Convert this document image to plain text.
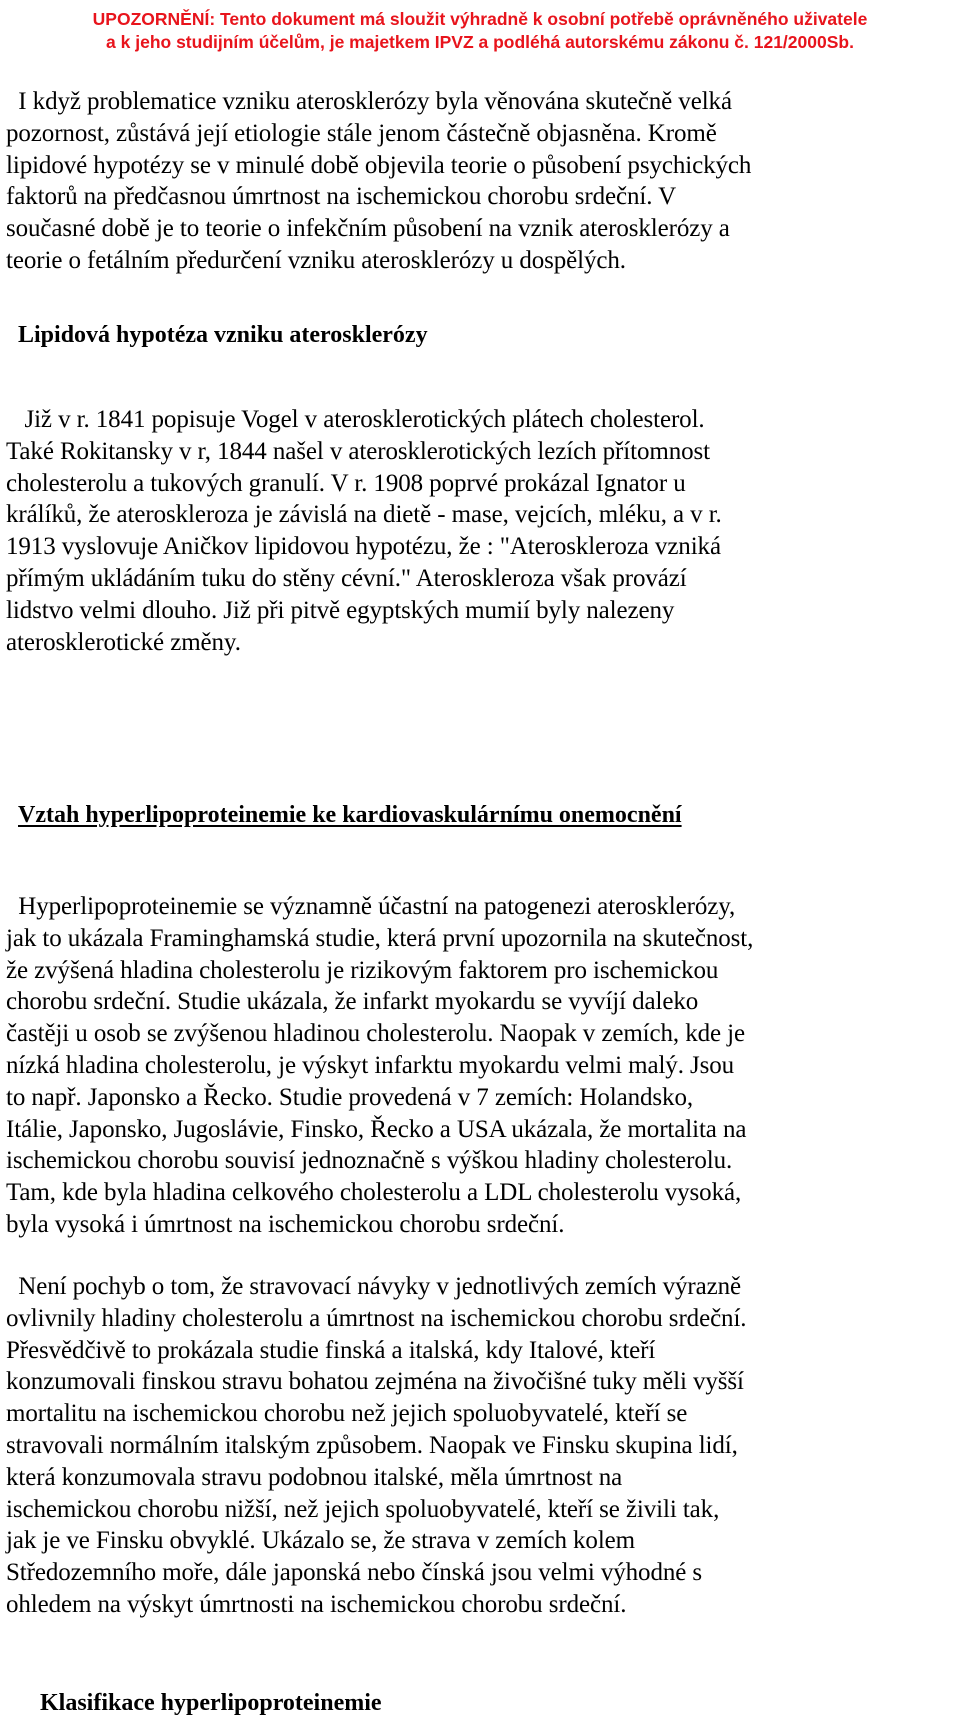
UPOZORNĚNÍ: Tento dokument má sloužit výhradně k osobní potřebě oprávněného uživatele
a k jeho studijním účelům, je majetkem IPVZ a podléhá autorskému zákonu č. 121/2000Sb.
I když problematice vzniku aterosklerózy byla věnována skutečně velká
pozornost, zůstává její etiologie stále jenom částečně objasněna. Kromě
lipidové hypotézy se v minulé době objevila teorie o působení psychických
faktorů na předčasnou úmrtnost na ischemickou chorobu srdeční. V
současné době je to teorie o infekčním působení na vznik aterosklerózy a
teorie o fetálním předurčení vzniku aterosklerózy u dospělých.
Lipidová hypotéza vzniku aterosklerózy
Již v r. 1841 popisuje Vogel v aterosklerotických plátech cholesterol.
Také Rokitansky v r, 1844 našel v aterosklerotických lezích přítomnost
cholesterolu a tukových granulí. V r. 1908 poprvé prokázal Ignator u
králíků, že ateroskleroza je závislá na dietě - mase, vejcích, mléku, a v r.
1913 vyslovuje Aničkov lipidovou hypotézu, že : "Ateroskleroza vzniká
přímým ukládáním tuku do stěny cévní." Ateroskleroza však provází
lidstvo velmi dlouho. Již při pitvě egyptských mumií byly nalezeny
aterosklerotické změny.
Vztah hyperlipoproteinemie ke kardiovaskulárnímu onemocnění
Hyperlipoproteinemie se významně účastní na patogenezi aterosklerózy,
jak to ukázala Framinghamská studie, která první upozornila na skutečnost,
že zvýšená hladina cholesterolu je rizikovým faktorem pro ischemickou
chorobu srdeční. Studie ukázala, že infarkt myokardu se vyvíjí daleko
častěji u osob se zvýšenou hladinou cholesterolu. Naopak v zemích, kde je
nízká hladina cholesterolu, je výskyt infarktu myokardu velmi malý. Jsou
to např. Japonsko a Řecko. Studie provedená v 7 zemích: Holandsko,
Itálie, Japonsko, Jugoslávie, Finsko, Řecko a USA ukázala, že mortalita na
ischemickou chorobu souvisí jednoznačně s výškou hladiny cholesterolu.
Tam, kde byla hladina celkového cholesterolu a LDL cholesterolu vysoká,
byla vysoká i úmrtnost na ischemickou chorobu srdeční.
Není pochyb o tom, že stravovací návyky v jednotlivých zemích výrazně
ovlivnily hladiny cholesterolu a úmrtnost na ischemickou chorobu srdeční.
Přesvědčivě to prokázala studie finská a italská, kdy Italové, kteří
konzumovali finskou stravu bohatou zejména na živočišné tuky měli vyšší
mortalitu na ischemickou chorobu než jejich spoluobyvatelé, kteří se
stravovali normálním italským způsobem. Naopak ve Finsku skupina lidí,
která konzumovala stravu podobnou italské, měla úmrtnost na
ischemickou chorobu nižší, než jejich spoluobyvatelé, kteří se živili tak,
jak je ve Finsku obvyklé. Ukázalo se, že strava v zemích kolem
Středozemního moře, dále japonská nebo čínská jsou velmi výhodné s
ohledem na výskyt úmrtnosti na ischemickou chorobu srdeční.
Klasifikace hyperlipoproteinemie
